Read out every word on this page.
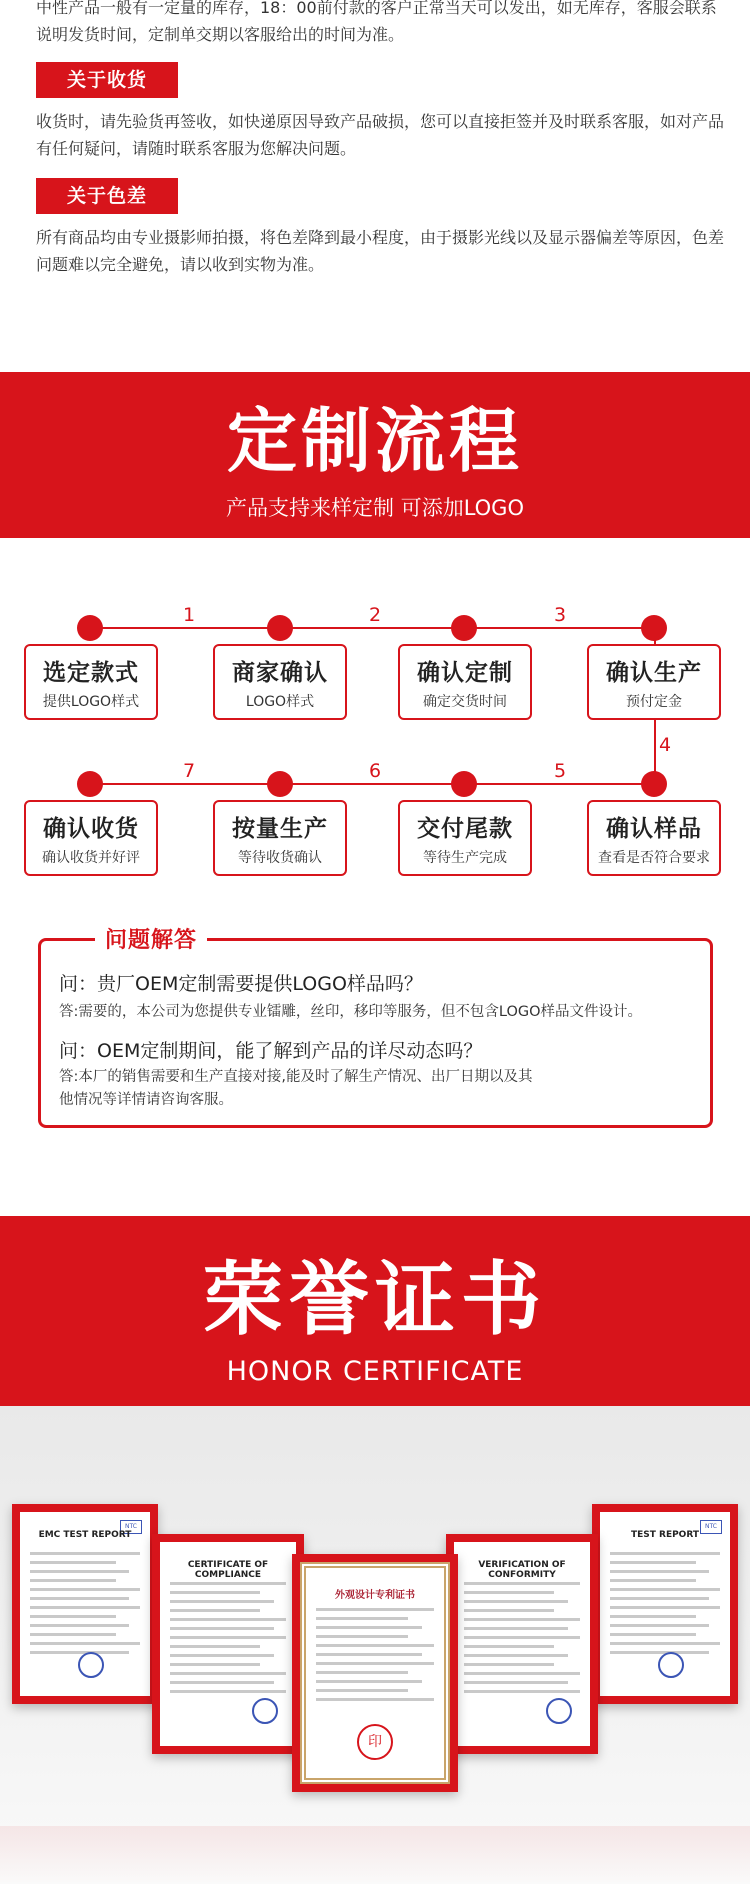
中性产品一般有一定量的库存，18：00前付款的客户正常当天可以发出，如无库存，客服会联系说明发货时间，定制单交期以客服给出的时间为准。
关于收货
收货时，请先验货再签收，如快递原因导致产品破损，您可以直接拒签并及时联系客服，如对产品有任何疑问，请随时联系客服为您解决问题。
关于色差
所有商品均由专业摄影师拍摄，将色差降到最小程度，由于摄影光线以及显示器偏差等原因，色差问题难以完全避免，请以收到实物为准。
定制流程
产品支持来样定制 可添加LOGO
1	2	3
4
5
6
7
选定款式
提供LOGO样式
商家确认
LOGO样式
确认定制
确定交货时间
确认生产
预付定金
确认收货
确认收货并好评
按量生产
等待收货确认
交付尾款
等待生产完成
确认样品
查看是否符合要求
问题解答
问：贵厂OEM定制需要提供LOGO样品吗？
答:需要的，本公司为您提供专业镭雕，丝印，移印等服务，但不包含LOGO样品文件设计。
问：OEM定制期间，能了解到产品的详尽动态吗？
答:本厂的销售需要和生产直接对接,能及时了解生产情况、出厂日期以及其
他情况等详情请咨询客服。
荣誉证书
HONOR CERTIFICATE
NTC
EMC TEST REPORT
NTC
TEST REPORT
CERTIFICATE OF COMPLIANCE
VERIFICATION OF CONFORMITY
外观设计专利证书
印
